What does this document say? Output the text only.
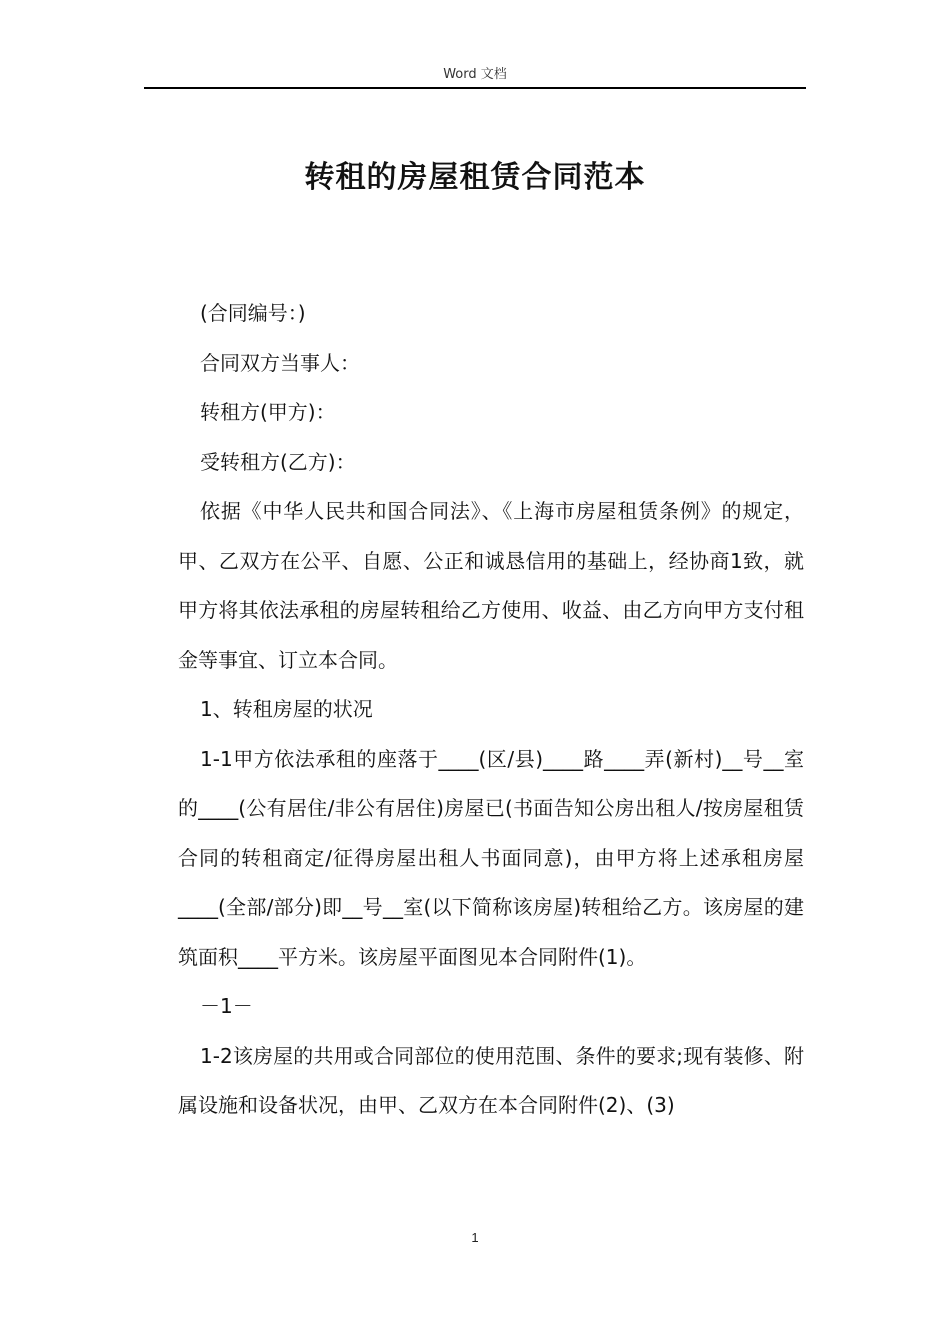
Word 文档
转租的房屋租赁合同范本

(合同编号：)

合同双方当事人：

转租方(甲方)：

受转租方(乙方)：

依据《中华人民共和国合同法》、《上海市房屋租赁条例》的规定，甲、乙双方在公平、自愿、公正和诚恳信用的基础上，经协商1致，就甲方将其依法承租的房屋转租给乙方使用、收益、由乙方向甲方支付租金等事宜、订立本合同。

1、转租房屋的状况

1-1甲方依法承租的座落于____(区/县)____路____弄(新村)__号__室的____(公有居住/非公有居住)房屋已(书面告知公房出租人/按房屋租赁合同的转租商定/征得房屋出租人书面同意)，由甲方将上述承租房屋____(全部/部分)即__号__室(以下简称该房屋)转租给乙方。该房屋的建筑面积____平方米。该房屋平面图见本合同附件(1)。

－1－

1-2该房屋的共用或合同部位的使用范围、条件的要求;现有装修、附属设施和设备状况，由甲、乙双方在本合同附件(2)、(3)

1
